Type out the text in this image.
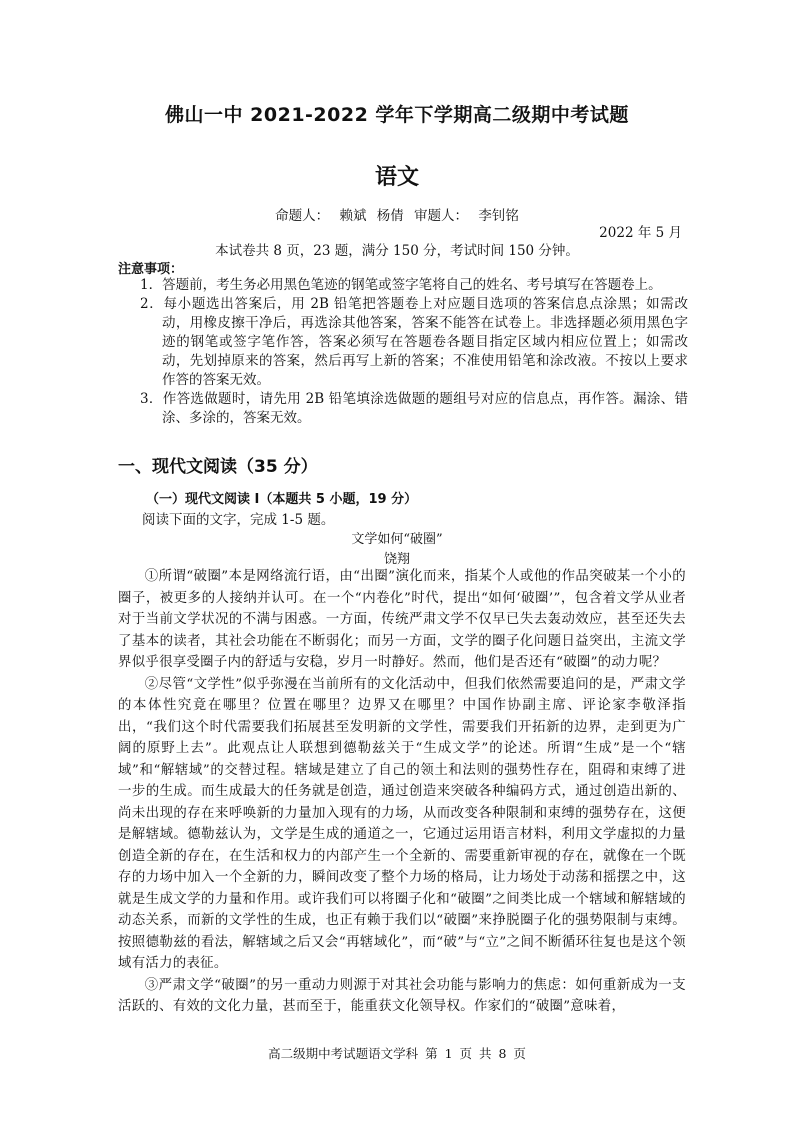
佛山一中 2021-2022 学年下学期高二级期中考试题
语文
命题人： 赖斌 杨倩 审题人： 李钊铭
2022 年 5 月
本试卷共 8 页，23 题，满分 150 分，考试时间 150 分钟。
注意事项：
1．答题前，考生务必用黑色笔迹的钢笔或签字笔将自己的姓名、考号填写在答题卷上。
2．每小题选出答案后，用 2B 铅笔把答题卷上对应题目选项的答案信息点涂黑；如需改动，用橡皮擦干净后，再选涂其他答案，答案不能答在试卷上。非选择题必须用黑色字迹的钢笔或签字笔作答，答案必须写在答题卷各题目指定区域内相应位置上；如需改动，先划掉原来的答案，然后再写上新的答案；不准使用铅笔和涂改液。不按以上要求作答的答案无效。
3．作答选做题时，请先用 2B 铅笔填涂选做题的题组号对应的信息点，再作答。漏涂、错涂、多涂的，答案无效。
一、现代文阅读（35 分）
（一）现代文阅读 I（本题共 5 小题，19 分）
阅读下面的文字，完成 1-5 题。
文学如何“破圈”
饶翔

①所谓“破圈”本是网络流行语，由“出圈”演化而来，指某个人或他的作品突破某一个小的圈子，被更多的人接纳并认可。在一个“内卷化”时代，提出“如何‘破圈’”，包含着文学从业者对于当前文学状况的不满与困惑。一方面，传统严肃文学不仅早已失去轰动效应，甚至还失去了基本的读者，其社会功能在不断弱化；而另一方面，文学的圈子化问题日益突出，主流文学界似乎很享受圈子内的舒适与安稳，岁月一时静好。然而，他们是否还有“破圈”的动力呢？

②尽管“文学性”似乎弥漫在当前所有的文化活动中，但我们依然需要追问的是，严肃文学的本体性究竟在哪里？位置在哪里？边界又在哪里？中国作协副主席、评论家李敬泽指出，“我们这个时代需要我们拓展甚至发明新的文学性，需要我们开拓新的边界，走到更为广阔的原野上去”。此观点让人联想到德勒兹关于“生成文学”的论述。所谓“生成”是一个“辖域”和“解辖域”的交替过程。辖域是建立了自己的领土和法则的强势性存在，阻碍和束缚了进一步的生成。而生成最大的任务就是创造，通过创造来突破各种编码方式，通过创造出新的、尚未出现的存在来呼唤新的力量加入现有的力场，从而改变各种限制和束缚的强势存在，这便是解辖域。德勒兹认为，文学是生成的通道之一，它通过运用语言材料，利用文学虚拟的力量创造全新的存在，在生活和权力的内部产生一个全新的、需要重新审视的存在，就像在一个既存的力场中加入一个全新的力，瞬间改变了整个力场的格局，让力场处于动荡和摇摆之中，这就是生成文学的力量和作用。或许我们可以将圈子化和“破圈”之间类比成一个辖域和解辖域的动态关系，而新的文学性的生成，也正有赖于我们以“破圈”来挣脱圈子化的强势限制与束缚。按照德勒兹的看法，解辖域之后又会“再辖域化”，而“破”与“立”之间不断循环往复也是这个领域有活力的表征。

③严肃文学“破圈”的另一重动力则源于对其社会功能与影响力的焦虑：如何重新成为一支活跃的、有效的文化力量，甚而至于，能重获文化领导权。作家们的“破圈”意味着，

高二级期中考试题语文学科 第 1 页 共 8 页
